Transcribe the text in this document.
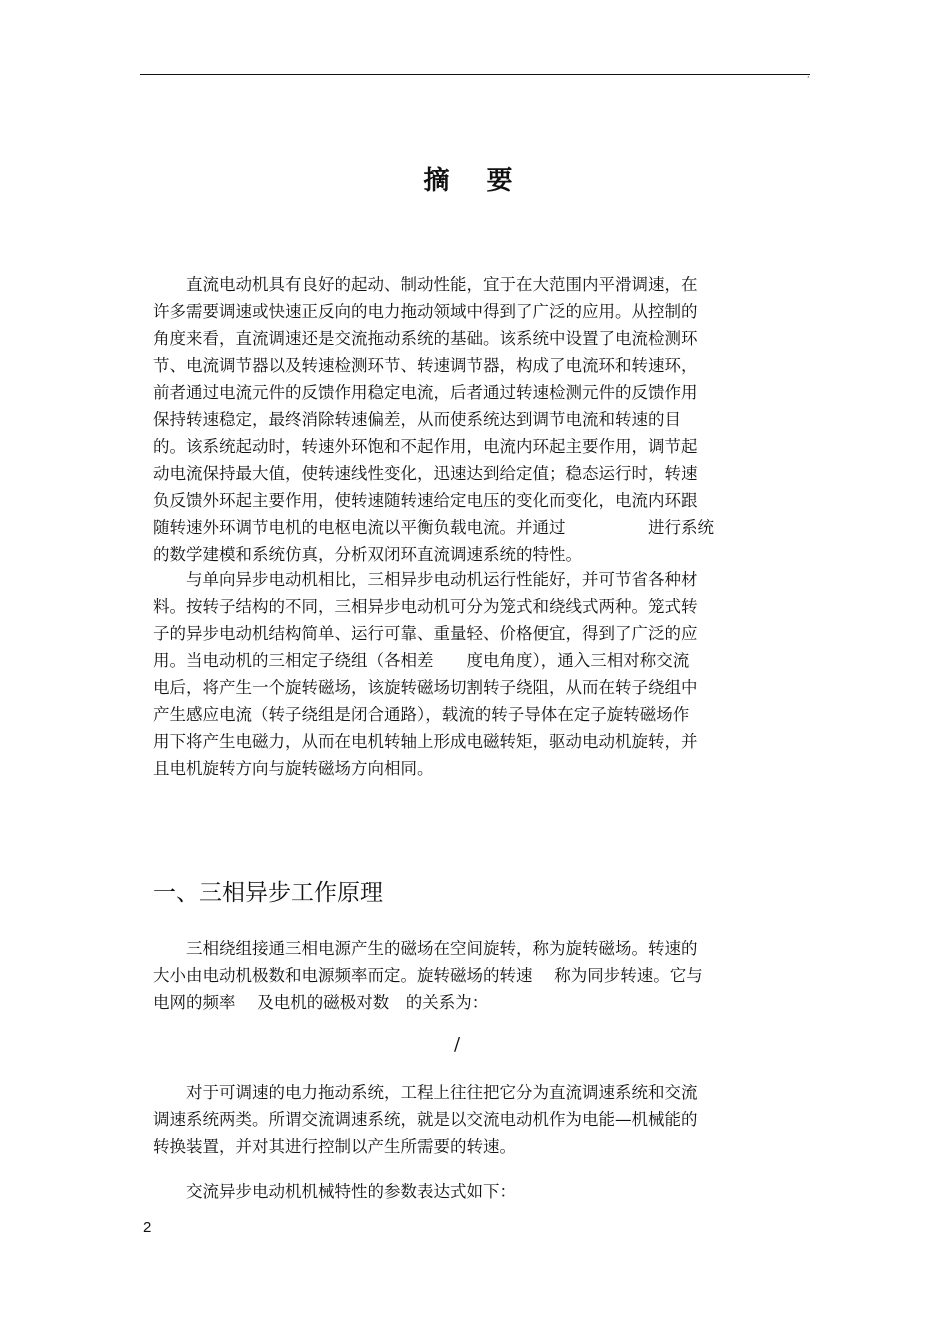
,
摘 要

　　直流电动机具有良好的起动、制动性能，宜于在大范围内平滑调速，在
许多需要调速或快速正反向的电力拖动领域中得到了广泛的应用。从控制的
角度来看，直流调速还是交流拖动系统的基础。该系统中设置了电流检测环
节、电流调节器以及转速检测环节、转速调节器，构成了电流环和转速环，
前者通过电流元件的反馈作用稳定电流，后者通过转速检测元件的反馈作用
保持转速稳定，最终消除转速偏差，从而使系统达到调节电流和转速的目
的。该系统起动时，转速外环饱和不起作用，电流内环起主要作用，调节起
动电流保持最大值，使转速线性变化，迅速达到给定值；稳态运行时，转速
负反馈外环起主要作用，使转速随转速给定电压的变化而变化，电流内环跟
随转速外环调节电机的电枢电流以平衡负载电流。并通过　　　　　进行系统
的数学建模和系统仿真，分析双闭环直流调速系统的特性。

　　与单向异步电动机相比，三相异步电动机运行性能好，并可节省各种材
料。按转子结构的不同，三相异步电动机可分为笼式和绕线式两种。笼式转
子的异步电动机结构简单、运行可靠、重量轻、价格便宜，得到了广泛的应
用。当电动机的三相定子绕组（各相差　　度电角度），通入三相对称交流
电后，将产生一个旋转磁场，该旋转磁场切割转子绕阻，从而在转子绕组中
产生感应电流（转子绕组是闭合通路），载流的转子导体在定子旋转磁场作
用下将产生电磁力，从而在电机转轴上形成电磁转矩，驱动电动机旋转，并
且电机旋转方向与旋转磁场方向相同。

一、三相异步工作原理

　　三相绕组接通三相电源产生的磁场在空间旋转，称为旋转磁场。转速的
大小由电动机极数和电源频率而定。旋转磁场的转速　 称为同步转速。它与
电网的频率　 及电机的磁极对数　的关系为：

/

　　对于可调速的电力拖动系统，工程上往往把它分为直流调速系统和交流
调速系统两类。所谓交流调速系统，就是以交流电动机作为电能—机械能的
转换装置，并对其进行控制以产生所需要的转速。

　　交流异步电动机机械特性的参数表达式如下：

2
